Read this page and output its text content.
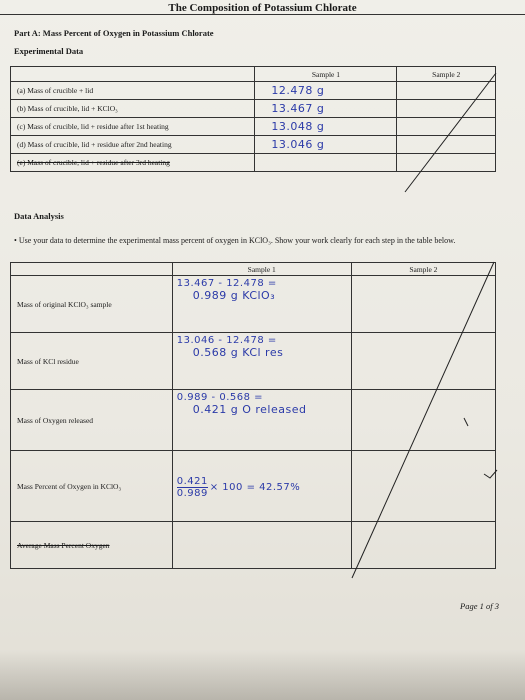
The Composition of Potassium Chlorate
Part A: Mass Percent of Oxygen in Potassium Chlorate
Experimental Data
	Sample 1	Sample 2
(a) Mass of crucible + lid	12.478 g	
(b) Mass of crucible, lid + KClO₃	13.467 g	
(c) Mass of crucible, lid + residue after 1st heating	13.048 g	
(d) Mass of crucible, lid + residue after 2nd heating	13.046 g	
(e) Mass of crucible, lid + residue after 3rd heating		
Data Analysis
• Use your data to determine the experimental mass percent of oxygen in KClO₃. Show your work clearly for each step in the table below.
	Sample 1	Sample 2
Mass of original KClO₃ sample	13.467 - 12.478 =
0.989 g KClO₃	

Mass of KCl residue	13.046 - 12.478 =
0.568 g KCl res	

Mass of Oxygen released	0.989 - 0.568 =
0.421 g O released	

Mass Percent of Oxygen in KClO₃	$\frac{0.421}{0.989} \times 100 = 42.57\%$	
Average Mass Percent Oxygen		
Page 1 of 3
